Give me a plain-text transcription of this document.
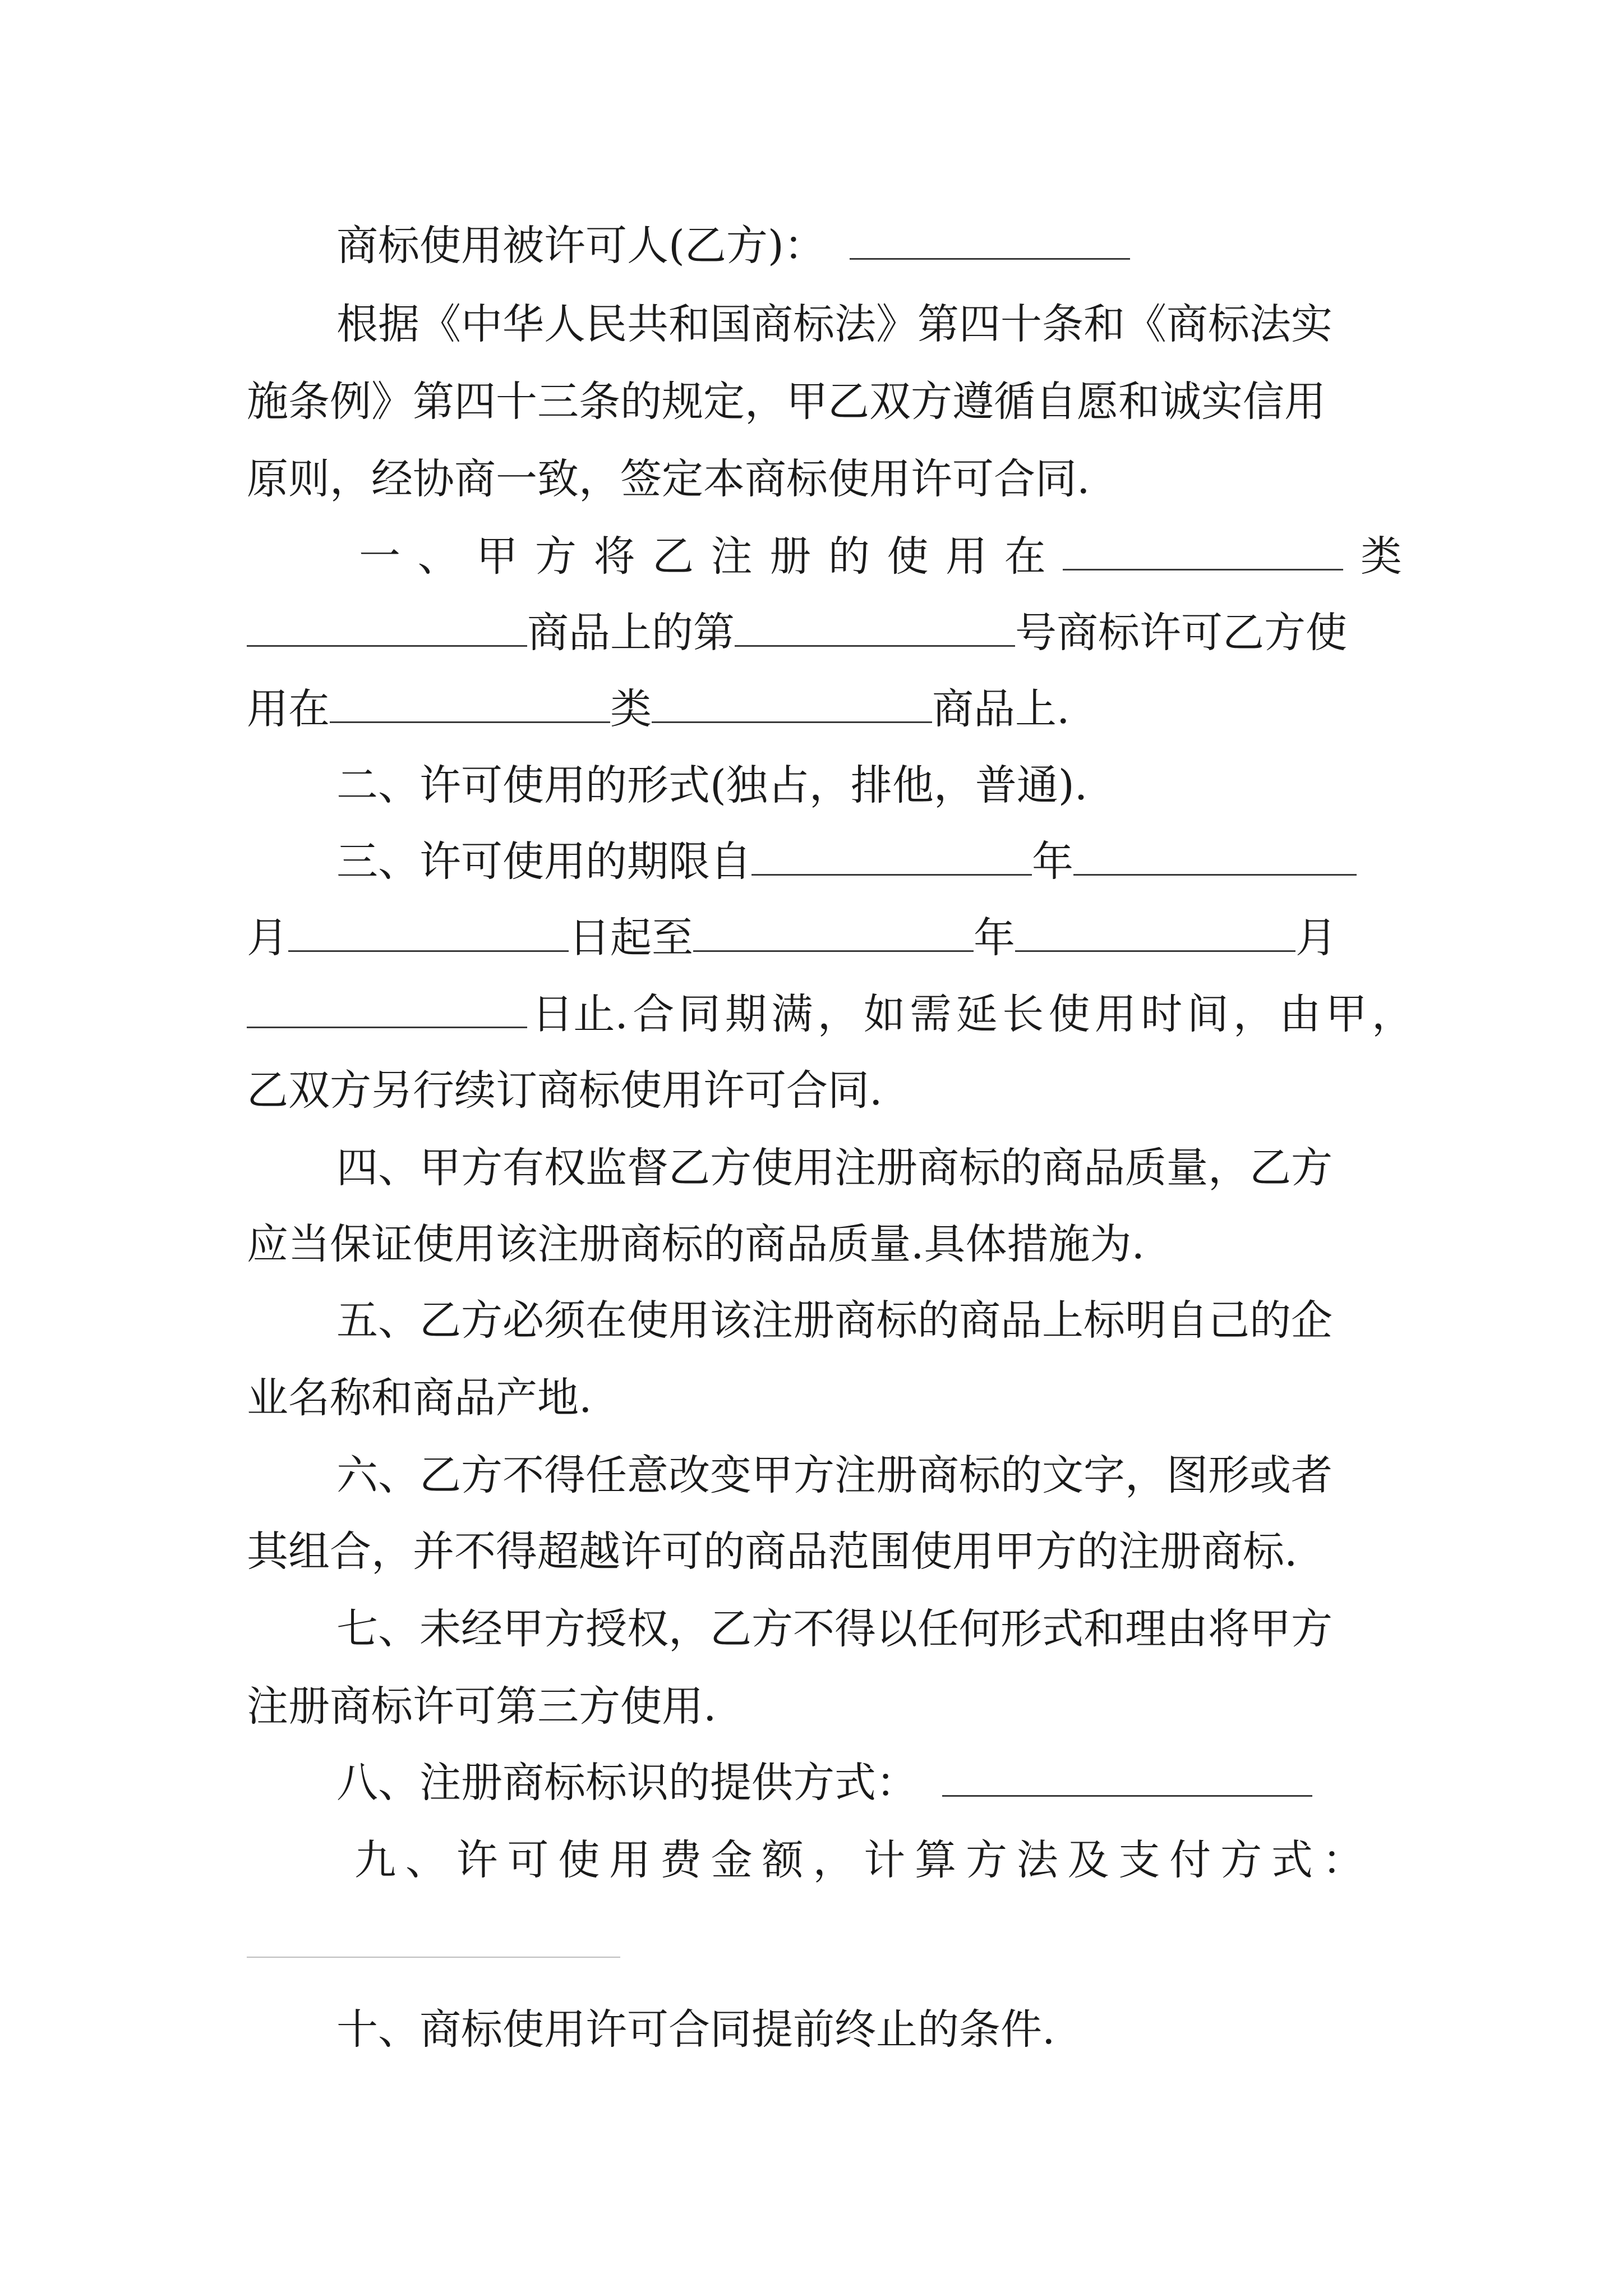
商标使用被许可人(乙方)：
根据《中华人民共和国商标法》第四十条和《商标法实
施条例》第四十三条的规定，甲乙双方遵循自愿和诚实信用
原则，经协商一致，签定本商标使用许可合同.
一 、 甲 方 将 乙 注 册 的 使 用 在	类
商品上的第	号商标许可乙方使
用在	类	商品上.
二、许可使用的形式(独占，排他，普通).
三、许可使用的期限自	年
月	日起至	年	月
日止. 合 同 期 满 ， 如 需 延 长 使 用 时 间 ， 由 甲 ，
乙双方另行续订商标使用许可合同.
四、甲方有权监督乙方使用注册商标的商品质量，乙方
应当保证使用该注册商标的商品质量.具体措施为.
五、乙方必须在使用该注册商标的商品上标明自己的企
业名称和商品产地.
六、乙方不得任意改变甲方注册商标的文字，图形或者
其组合，并不得超越许可的商品范围使用甲方的注册商标.
七、未经甲方授权，乙方不得以任何形式和理由将甲方
注册商标许可第三方使用.
八、注册商标标识的提供方式：
九 、 许 可 使 用 费 金 额 ， 计 算 方 法 及 支 付 方 式 ：
十、商标使用许可合同提前终止的条件.
